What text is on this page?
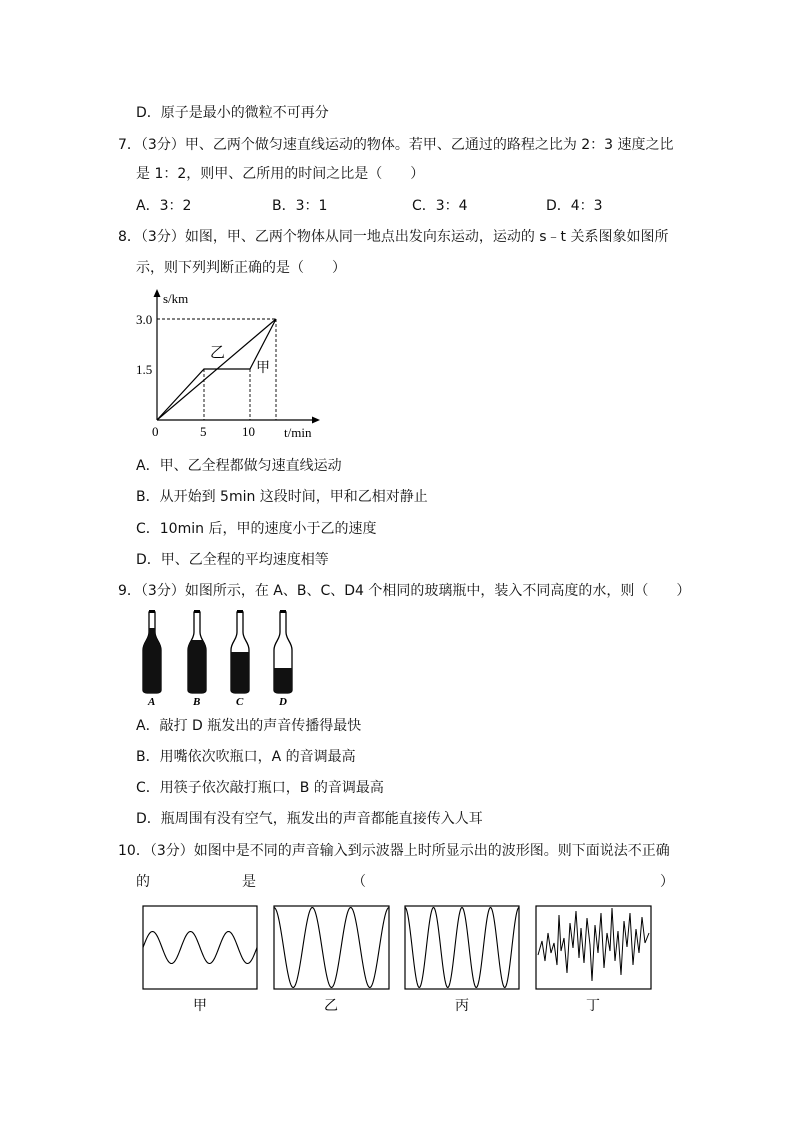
D．原子是最小的微粒不可再分
7．（3分）甲、乙两个做匀速直线运动的物体。若甲、乙通过的路程之比为 2：3 速度之比
是 1：2，则甲、乙所用的时间之比是（　　）
A．3：2	B．3：1	C．3：4	D．4：3
8．（3分）如图，甲、乙两个物体从同一地点出发向东运动，运动的 s﹣t 关系图象如图所
示，则下列判断正确的是（　　）
s/km
3.0
1.5
0	5	10 t/min
乙
甲
A．甲、乙全程都做匀速直线运动
B．从开始到 5min 这段时间，甲和乙相对静止
C．10min 后，甲的速度小于乙的速度
D．甲、乙全程的平均速度相等
9．（3分）如图所示，在 A、B、C、D4 个相同的玻璃瓶中，装入不同高度的水，则（　　）
A	B	C	D
A．敲打 D 瓶发出的声音传播得最快
B．用嘴依次吹瓶口，A 的音调最高
C．用筷子依次敲打瓶口，B 的音调最高
D．瓶周围有没有空气，瓶发出的声音都能直接传入人耳
10．（3分）如图中是不同的声音输入到示波器上时所显示出的波形图。则下面说法不正确
的	是	（	）
甲	乙	丙	丁
